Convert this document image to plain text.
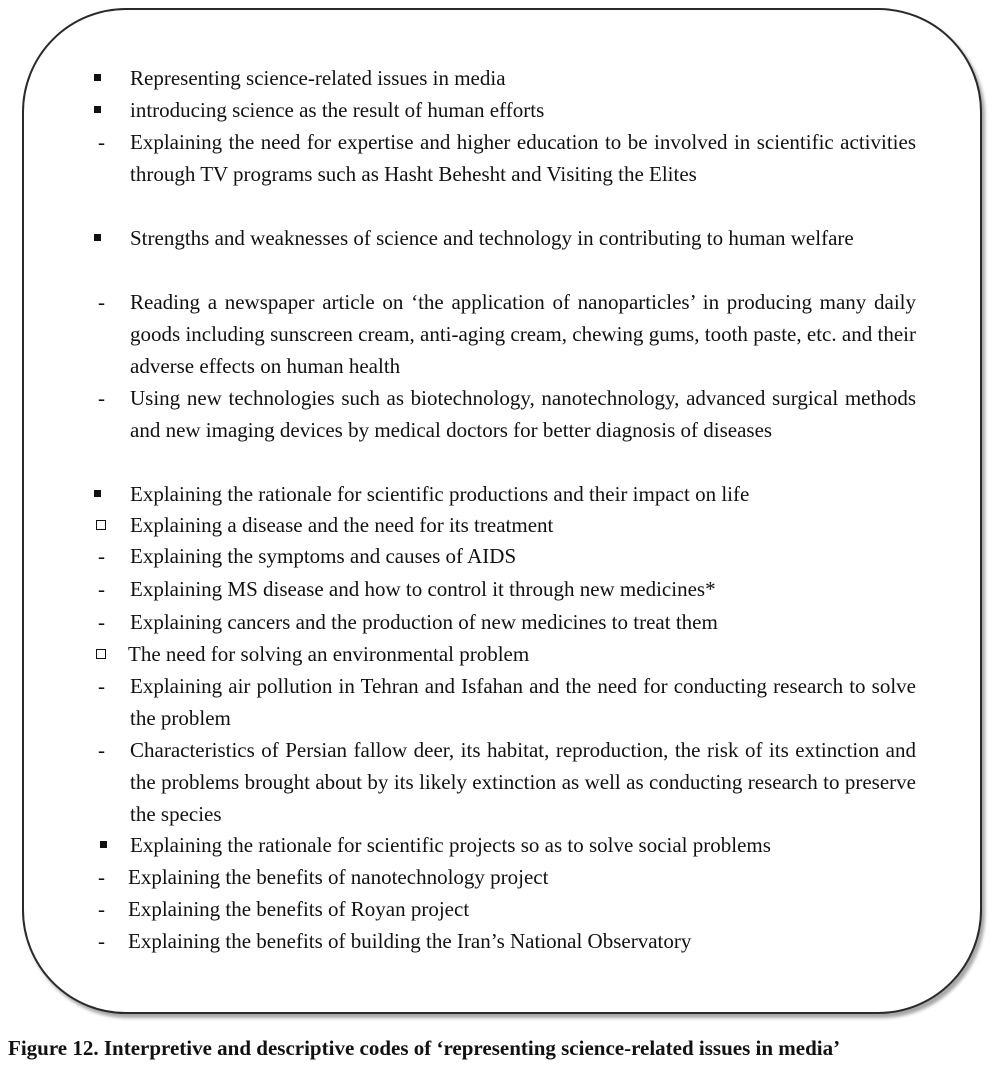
Representing science-related issues in media
introducing science as the result of human efforts
- Explaining the need for expertise and higher education to be involved in scientific activities through TV programs such as Hasht Behesht and Visiting the Elites
Strengths and weaknesses of science and technology in contributing to human welfare
- Reading a newspaper article on ‘the application of nanoparticles’ in producing many daily goods including sunscreen cream, anti-aging cream, chewing gums, tooth paste, etc. and their adverse effects on human health
- Using new technologies such as biotechnology, nanotechnology, advanced surgical methods and new imaging devices by medical doctors for better diagnosis of diseases
Explaining the rationale for scientific productions and their impact on life
Explaining a disease and the need for its treatment
- Explaining the symptoms and causes of AIDS
- Explaining MS disease and how to control it through new medicines*
- Explaining cancers and the production of new medicines to treat them
The need for solving an environmental problem
- Explaining air pollution in Tehran and Isfahan and the need for conducting research to solve the problem
- Characteristics of Persian fallow deer, its habitat, reproduction, the risk of its extinction and the problems brought about by its likely extinction as well as conducting research to preserve the species
Explaining the rationale for scientific projects so as to solve social problems
- Explaining the benefits of nanotechnology project
- Explaining the benefits of Royan project
- Explaining the benefits of building the Iran’s National Observatory
Figure 12. Interpretive and descriptive codes of ‘representing science-related issues in media’
